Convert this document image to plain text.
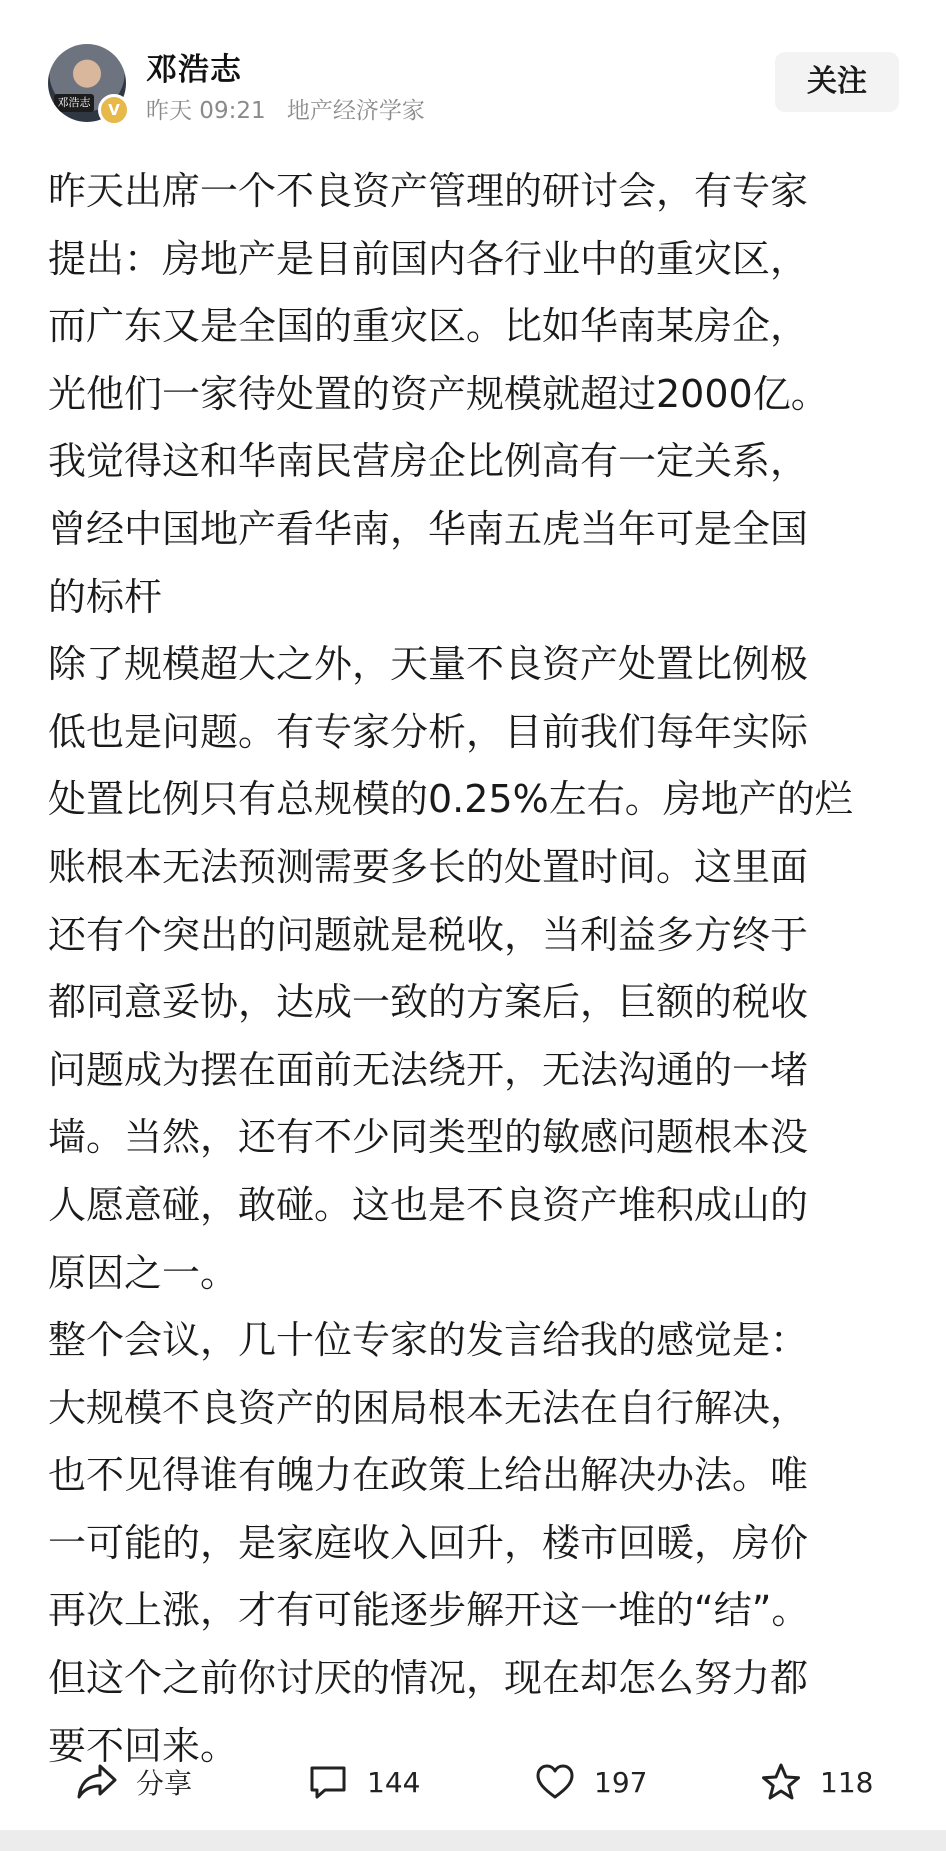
邓浩志	V
邓浩志
昨天 09:21 地产经济学家
关注
昨天出席一个不良资产管理的研讨会，有专家
提出：房地产是目前国内各行业中的重灾区，
而广东又是全国的重灾区。比如华南某房企，
光他们一家待处置的资产规模就超过2000亿。
我觉得这和华南民营房企比例高有一定关系，
曾经中国地产看华南，华南五虎当年可是全国
的标杆
除了规模超大之外，天量不良资产处置比例极
低也是问题。有专家分析，目前我们每年实际
处置比例只有总规模的0.25%左右。房地产的烂
账根本无法预测需要多长的处置时间。这里面
还有个突出的问题就是税收，当利益多方终于
都同意妥协，达成一致的方案后，巨额的税收
问题成为摆在面前无法绕开，无法沟通的一堵
墙。当然，还有不少同类型的敏感问题根本没
人愿意碰，敢碰。这也是不良资产堆积成山的
原因之一。
整个会议，几十位专家的发言给我的感觉是：
大规模不良资产的困局根本无法在自行解决，
也不见得谁有魄力在政策上给出解决办法。唯
一可能的，是家庭收入回升，楼市回暖，房价
再次上涨，才有可能逐步解开这一堆的“结”。
但这个之前你讨厌的情况，现在却怎么努力都
要不回来。
分享	144	197	118
